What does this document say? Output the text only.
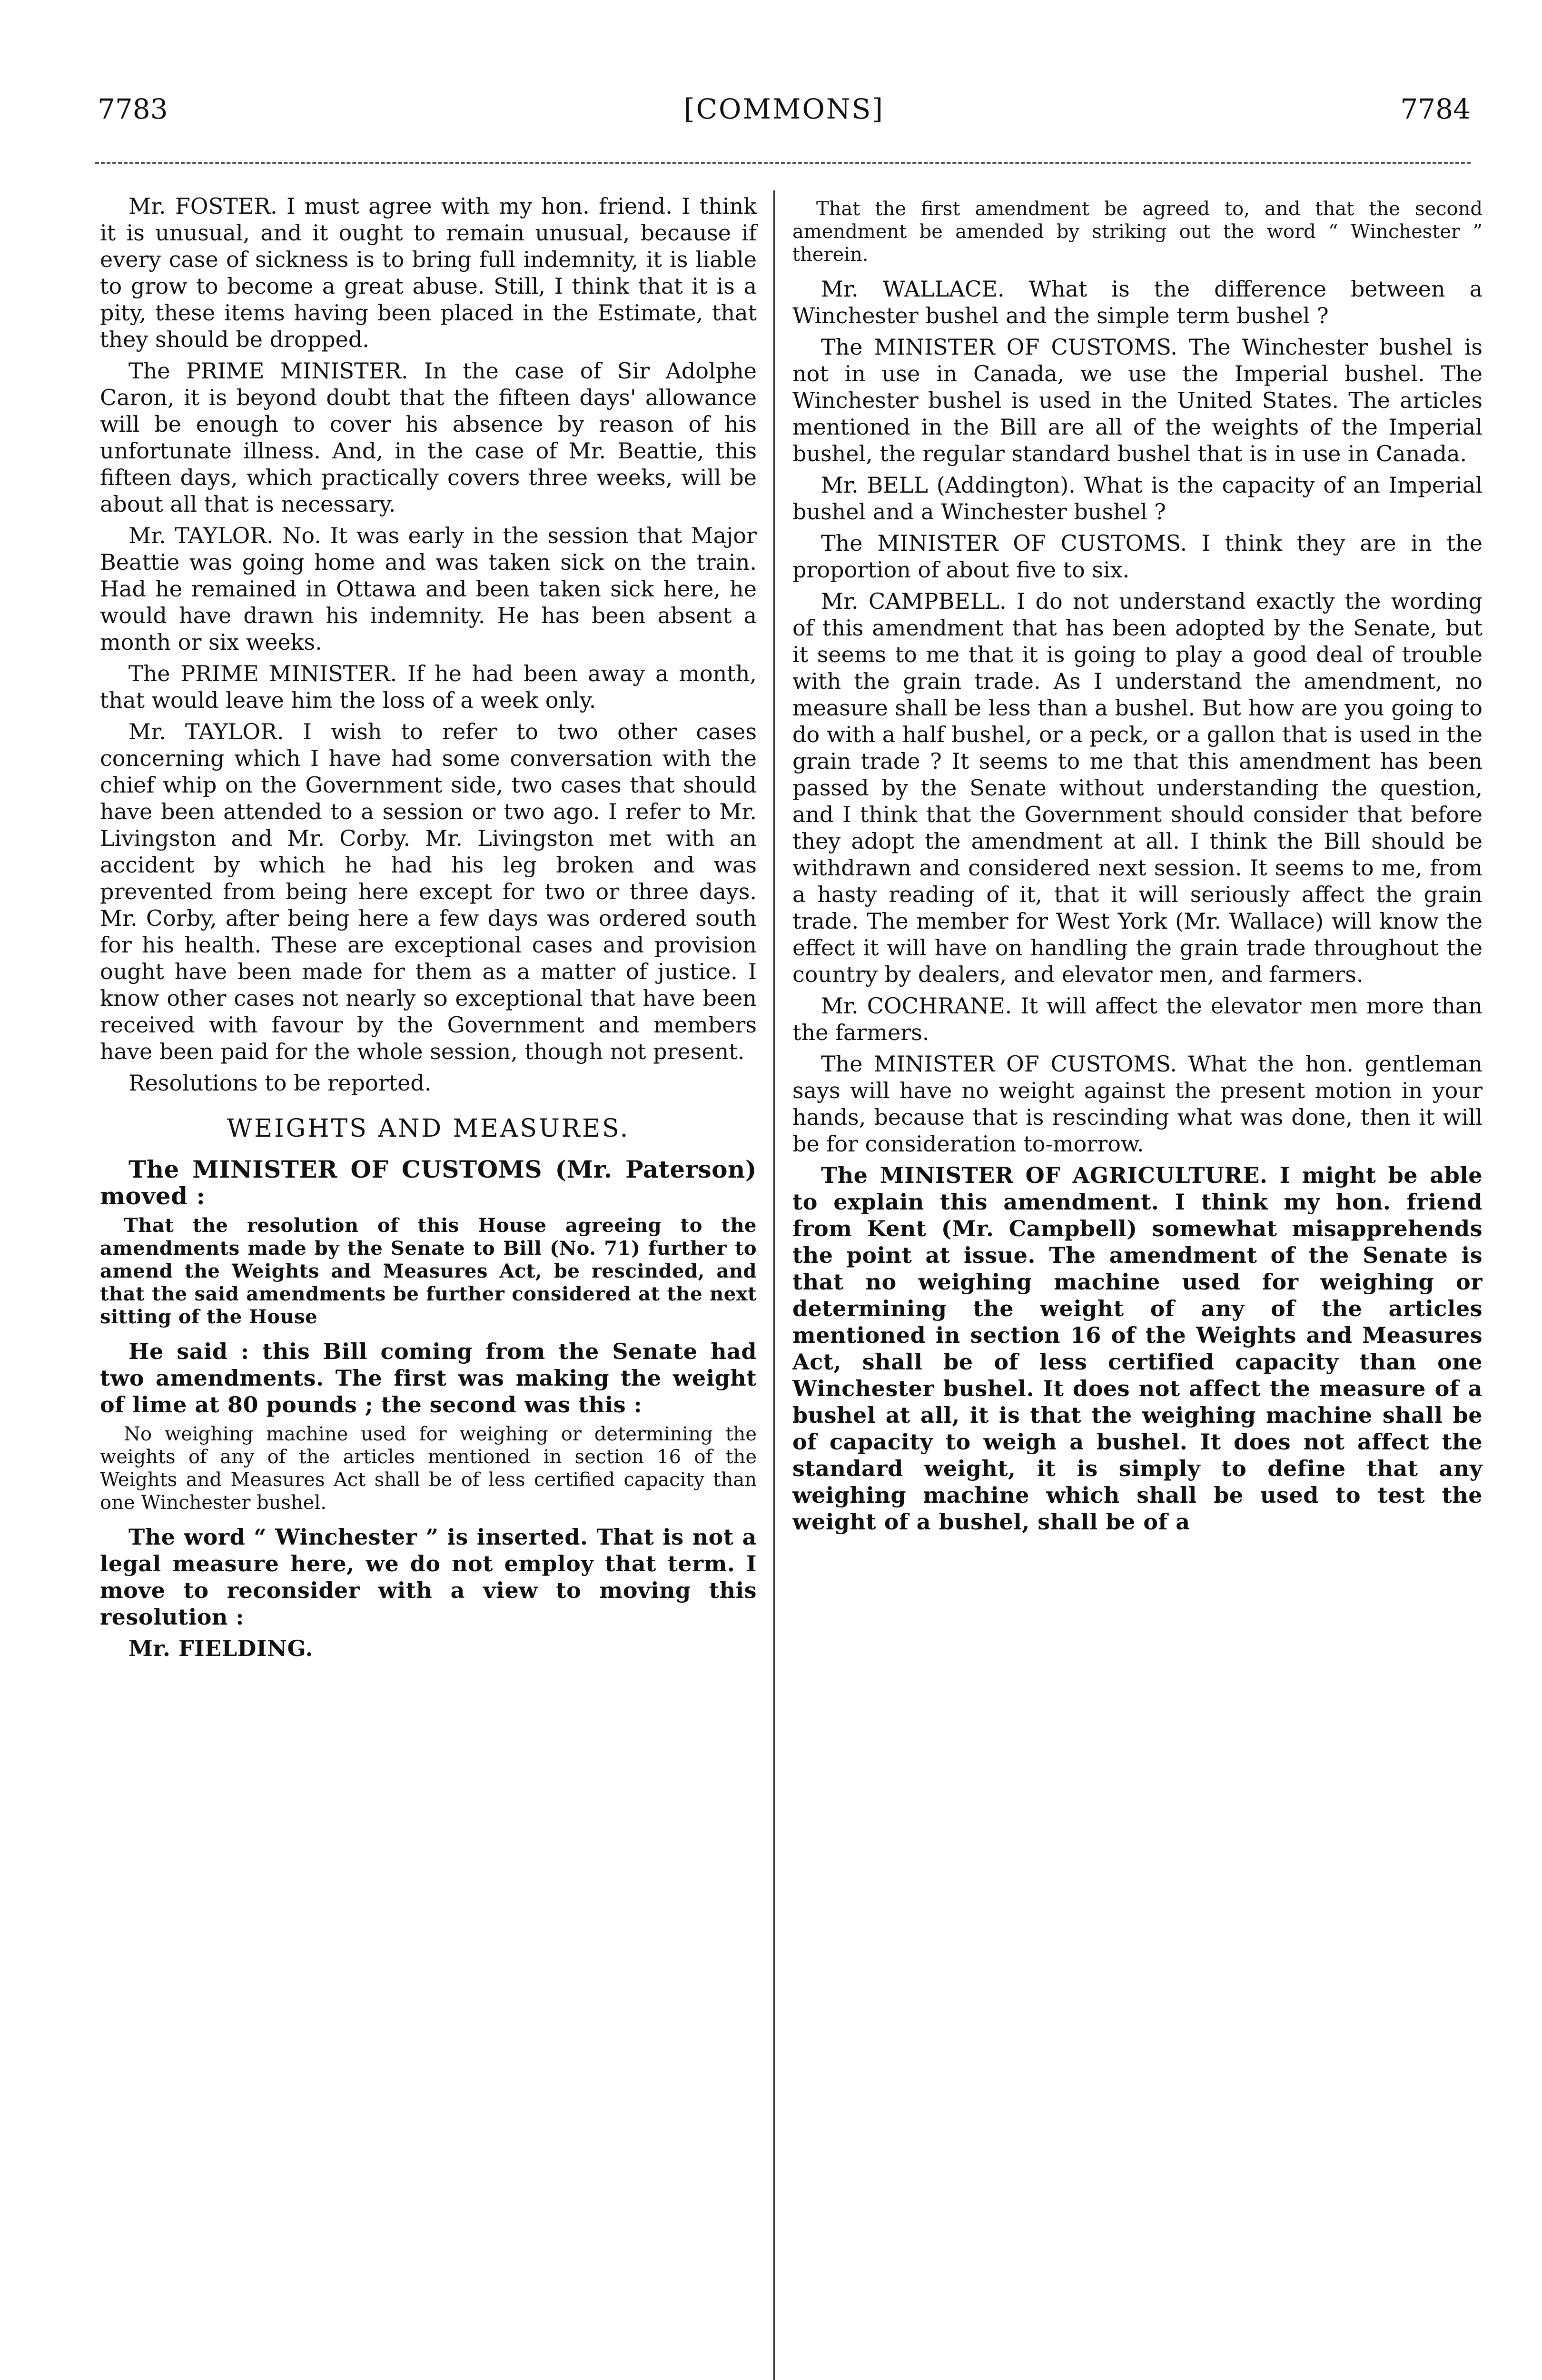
7783	[COMMONS]	7784

Mr. FOSTER. I must agree with my hon. friend. I think it is unusual, and it ought to remain unusual, because if every case of sickness is to bring full indemnity, it is liable to grow to become a great abuse. Still, I think that it is a pity, these items having been placed in the Estimate, that they should be dropped.

The PRIME MINISTER. In the case of Sir Adolphe Caron, it is beyond doubt that the fifteen days' allowance will be enough to cover his absence by reason of his unfortunate illness. And, in the case of Mr. Beattie, this fifteen days, which practically covers three weeks, will be about all that is necessary.

Mr. TAYLOR. No. It was early in the session that Major Beattie was going home and was taken sick on the train. Had he remained in Ottawa and been taken sick here, he would have drawn his indemnity. He has been absent a month or six weeks.

The PRIME MINISTER. If he had been away a month, that would leave him the loss of a week only.

Mr. TAYLOR. I wish to refer to two other cases concerning which I have had some conversation with the chief whip on the Government side, two cases that should have been attended to a session or two ago. I refer to Mr. Livingston and Mr. Corby. Mr. Livingston met with an accident by which he had his leg broken and was prevented from being here except for two or three days. Mr. Corby, after being here a few days was ordered south for his health. These are exceptional cases and provision ought have been made for them as a matter of justice. I know other cases not nearly so exceptional that have been received with favour by the Government and members have been paid for the whole session, though not present.

Resolutions to be reported.

WEIGHTS AND MEASURES.

The MINISTER OF CUSTOMS (Mr. Paterson) moved :

That the resolution of this House agreeing to the amendments made by the Senate to Bill (No. 71) further to amend the Weights and Measures Act, be rescinded, and that the said amendments be further considered at the next sitting of the House

He said : this Bill coming from the Senate had two amendments. The first was making the weight of lime at 80 pounds ; the second was this :

No weighing machine used for weighing or determining the weights of any of the articles mentioned in section 16 of the Weights and Measures Act shall be of less certified capacity than one Winchester bushel.

The word “ Winchester ” is inserted. That is not a legal measure here, we do not employ that term. I move to reconsider with a view to moving this resolution :

Mr. FIELDING.

That the first amendment be agreed to, and that the second amendment be amended by striking out the word “ Winchester ” therein.

Mr. WALLACE. What is the difference between a Winchester bushel and the simple term bushel ?

The MINISTER OF CUSTOMS. The Winchester bushel is not in use in Canada, we use the Imperial bushel. The Winchester bushel is used in the United States. The articles mentioned in the Bill are all of the weights of the Imperial bushel, the regular standard bushel that is in use in Canada.

Mr. BELL (Addington). What is the capacity of an Imperial bushel and a Winchester bushel ?

The MINISTER OF CUSTOMS. I think they are in the proportion of about five to six.

Mr. CAMPBELL. I do not understand exactly the wording of this amendment that has been adopted by the Senate, but it seems to me that it is going to play a good deal of trouble with the grain trade. As I understand the amendment, no measure shall be less than a bushel. But how are you going to do with a half bushel, or a peck, or a gallon that is used in the grain trade ? It seems to me that this amendment has been passed by the Senate without understanding the question, and I think that the Government should consider that before they adopt the amendment at all. I think the Bill should be withdrawn and considered next session. It seems to me, from a hasty reading of it, that it will seriously affect the grain trade. The member for West York (Mr. Wallace) will know the effect it will have on handling the grain trade throughout the country by dealers, and elevator men, and farmers.

Mr. COCHRANE. It will affect the elevator men more than the farmers.

The MINISTER OF CUSTOMS. What the hon. gentleman says will have no weight against the present motion in your hands, because that is rescinding what was done, then it will be for consideration to-morrow.

The MINISTER OF AGRICULTURE. I might be able to explain this amendment. I think my hon. friend from Kent (Mr. Campbell) somewhat misapprehends the point at issue. The amendment of the Senate is that no weighing machine used for weighing or determining the weight of any of the articles mentioned in section 16 of the Weights and Measures Act, shall be of less certified capacity than one Winchester bushel. It does not affect the measure of a bushel at all, it is that the weighing machine shall be of capacity to weigh a bushel. It does not affect the standard weight, it is simply to define that any weighing machine which shall be used to test the weight of a bushel, shall be of a
